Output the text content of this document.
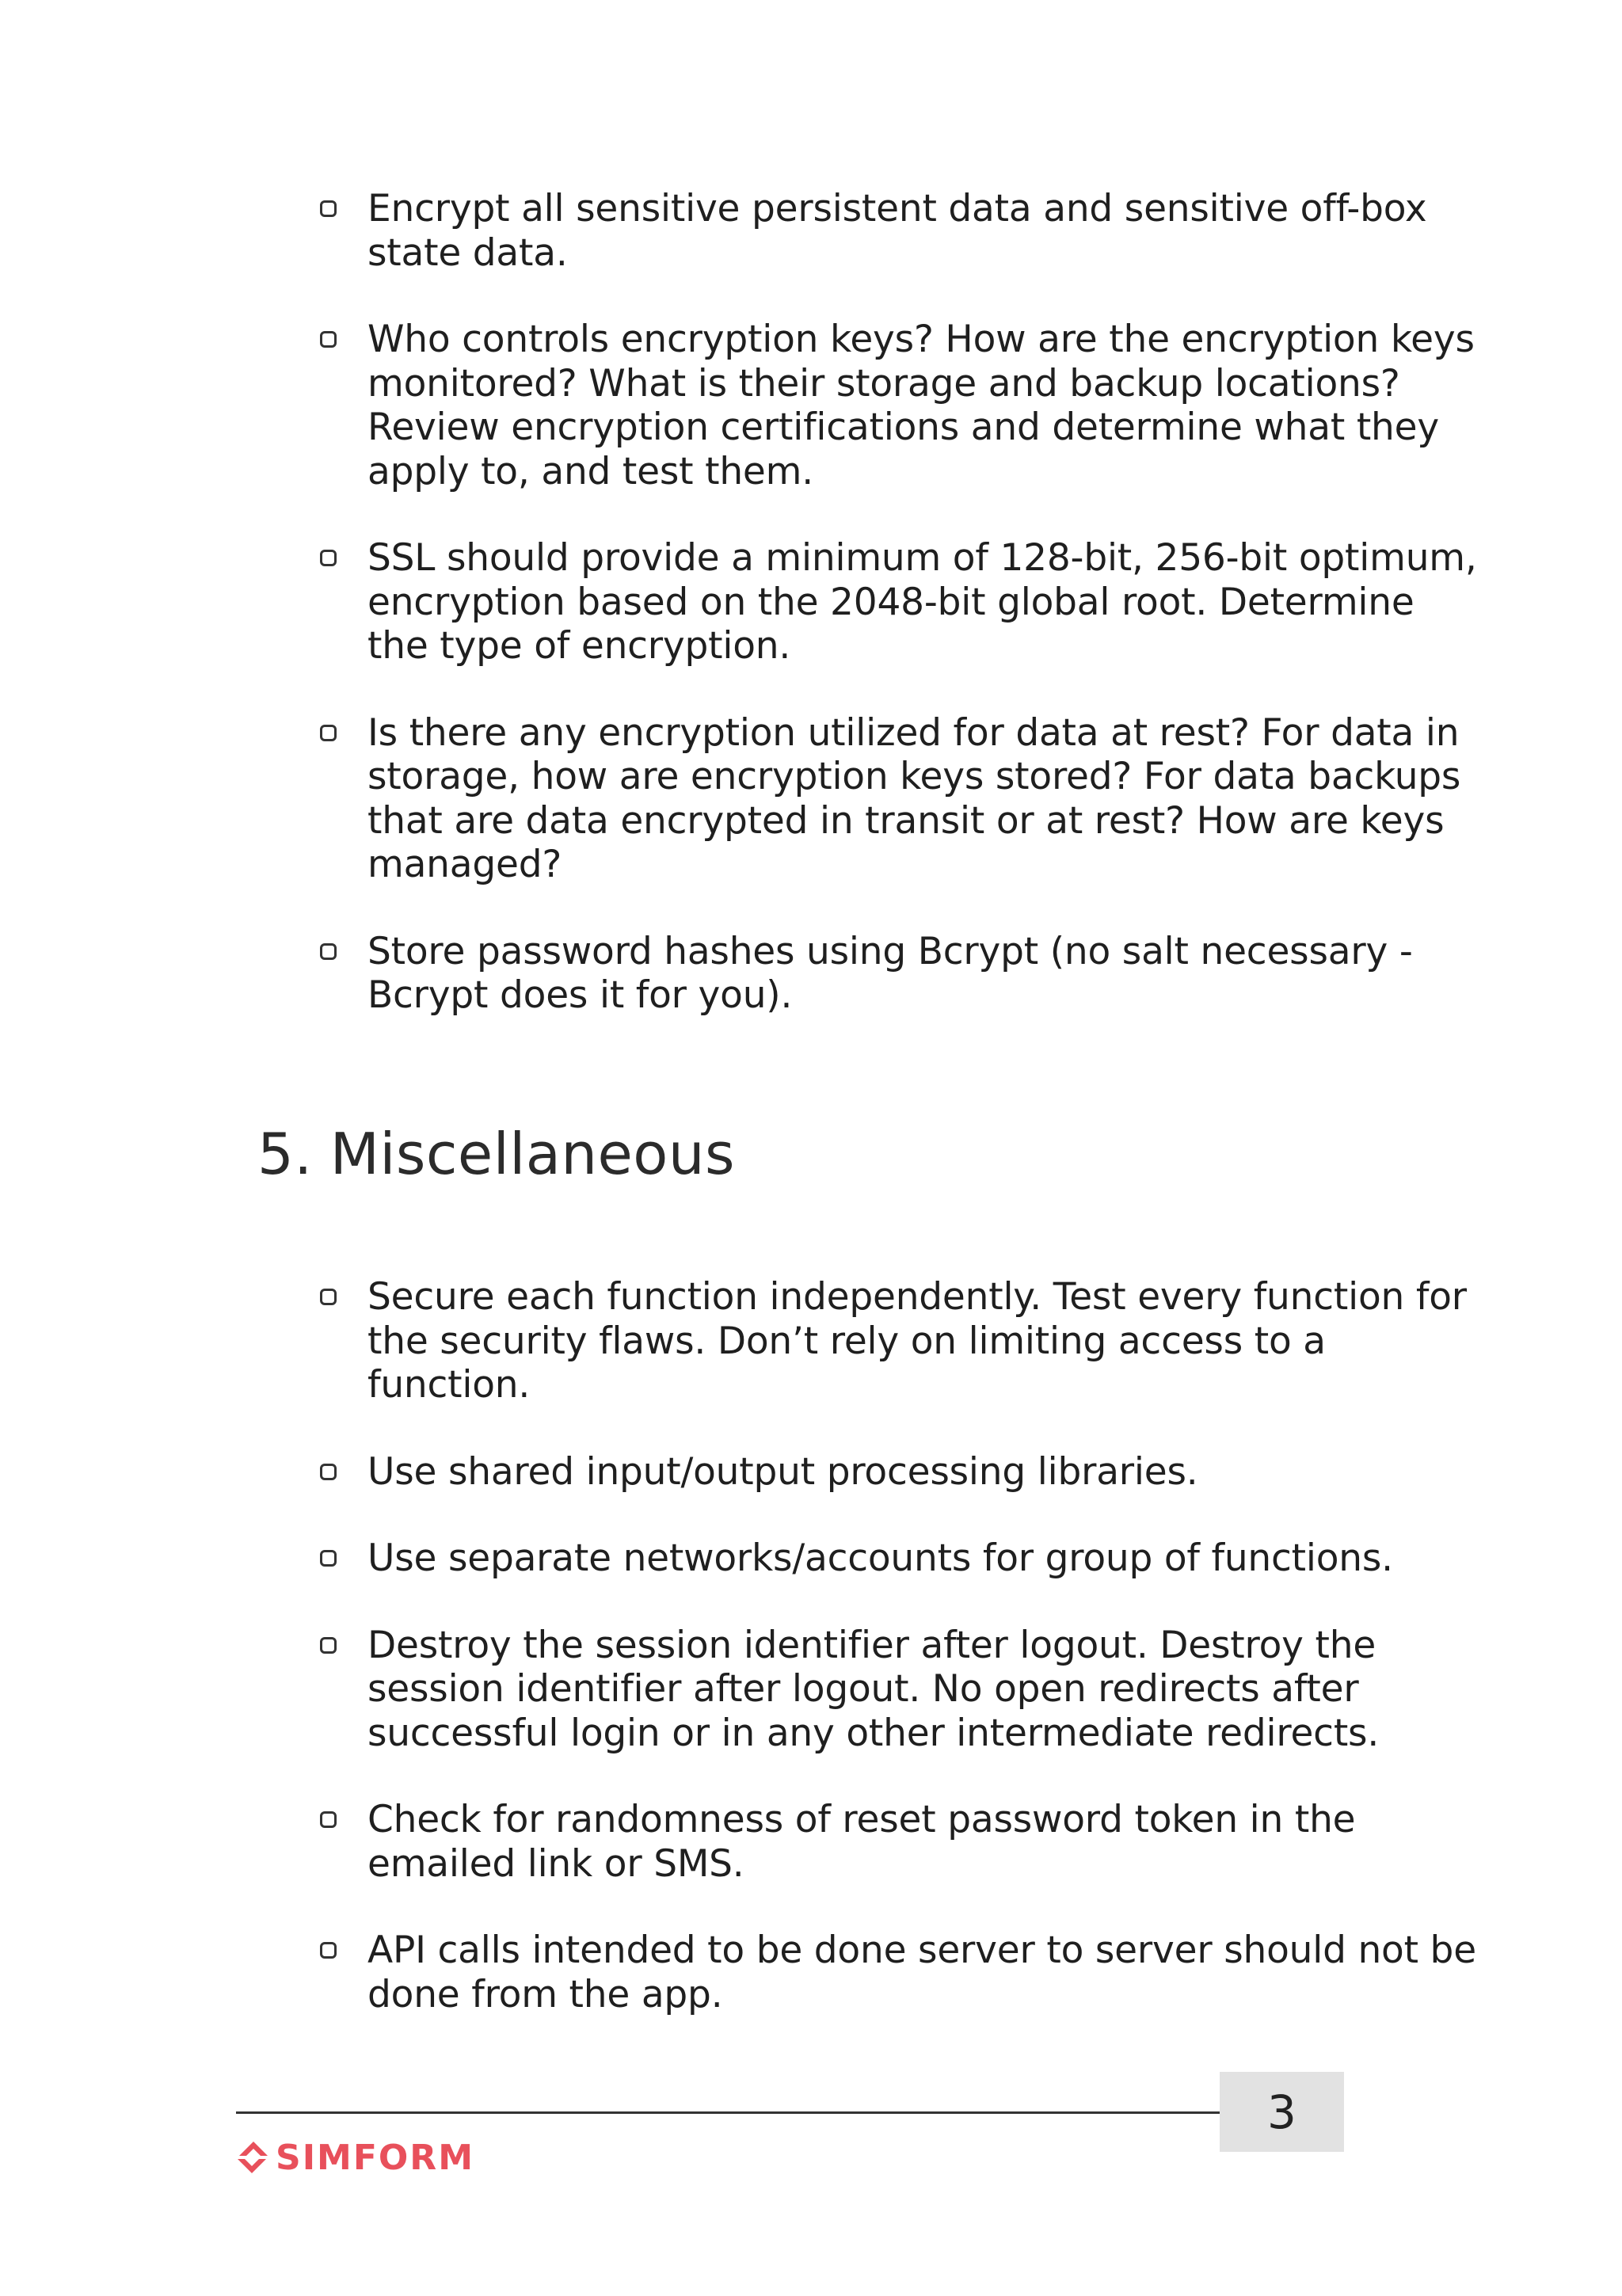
Encrypt all sensitive persistent data and sensitive off-box state data.
Who controls encryption keys? How are the encryption keys monitored? What is their storage and backup locations? Review encryption certifications and determine what they apply to, and test them.
SSL should provide a minimum of 128-bit, 256-bit optimum, encryption based on the 2048-bit global root. Determine the type of encryption.
Is there any encryption utilized for data at rest? For data in storage, how are encryption keys stored? For data backups that are data encrypted in transit or at rest? How are keys managed?
Store password hashes using Bcrypt (no salt necessary - Bcrypt does it for you).
5. Miscellaneous
Secure each function independently. Test every function for the security flaws. Don’t rely on limiting access to a function.
Use shared input/output processing libraries.
Use separate networks/accounts for group of functions.
Destroy the session identifier after logout. Destroy the session identifier after logout. No open redirects after successful login or in any other intermediate redirects.
Check for randomness of reset password token in the emailed link or SMS.
API calls intended to be done server to server should not be done from the app.
3
SIMFORM
